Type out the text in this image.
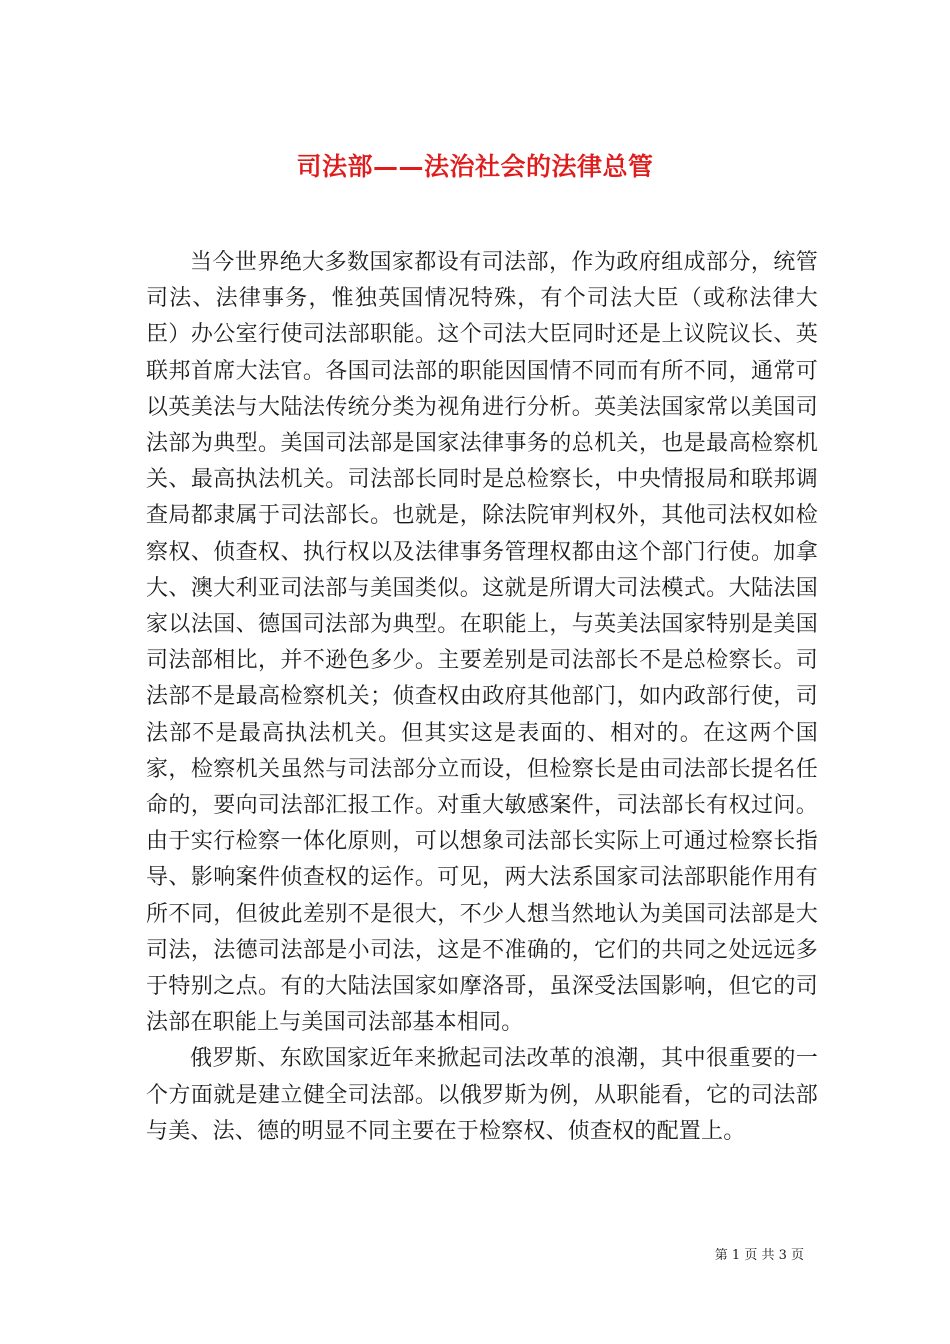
司法部——法治社会的法律总管

当今世界绝大多数国家都设有司法部，作为政府组成部分，统管司法、法律事务，惟独英国情况特殊，有个司法大臣（或称法律大臣）办公室行使司法部职能。这个司法大臣同时还是上议院议长、英联邦首席大法官。各国司法部的职能因国情不同而有所不同，通常可以英美法与大陆法传统分类为视角进行分析。英美法国家常以美国司法部为典型。美国司法部是国家法律事务的总机关，也是最高检察机关、最高执法机关。司法部长同时是总检察长，中央情报局和联邦调查局都隶属于司法部长。也就是，除法院审判权外，其他司法权如检察权、侦查权、执行权以及法律事务管理权都由这个部门行使。加拿大、澳大利亚司法部与美国类似。这就是所谓大司法模式。大陆法国家以法国、德国司法部为典型。在职能上，与英美法国家特别是美国司法部相比，并不逊色多少。主要差别是司法部长不是总检察长。司法部不是最高检察机关；侦查权由政府其他部门，如内政部行使，司法部不是最高执法机关。但其实这是表面的、相对的。在这两个国家，检察机关虽然与司法部分立而设，但检察长是由司法部长提名任命的，要向司法部汇报工作。对重大敏感案件，司法部长有权过问。由于实行检察一体化原则，可以想象司法部长实际上可通过检察长指导、影响案件侦查权的运作。可见，两大法系国家司法部职能作用有所不同，但彼此差别不是很大，不少人想当然地认为美国司法部是大司法，法德司法部是小司法，这是不准确的，它们的共同之处远远多于特别之点。有的大陆法国家如摩洛哥，虽深受法国影响，但它的司法部在职能上与美国司法部基本相同。

俄罗斯、东欧国家近年来掀起司法改革的浪潮，其中很重要的一个方面就是建立健全司法部。以俄罗斯为例，从职能看，它的司法部与美、法、德的明显不同主要在于检察权、侦查权的配置上。

第 1 页 共 3 页
